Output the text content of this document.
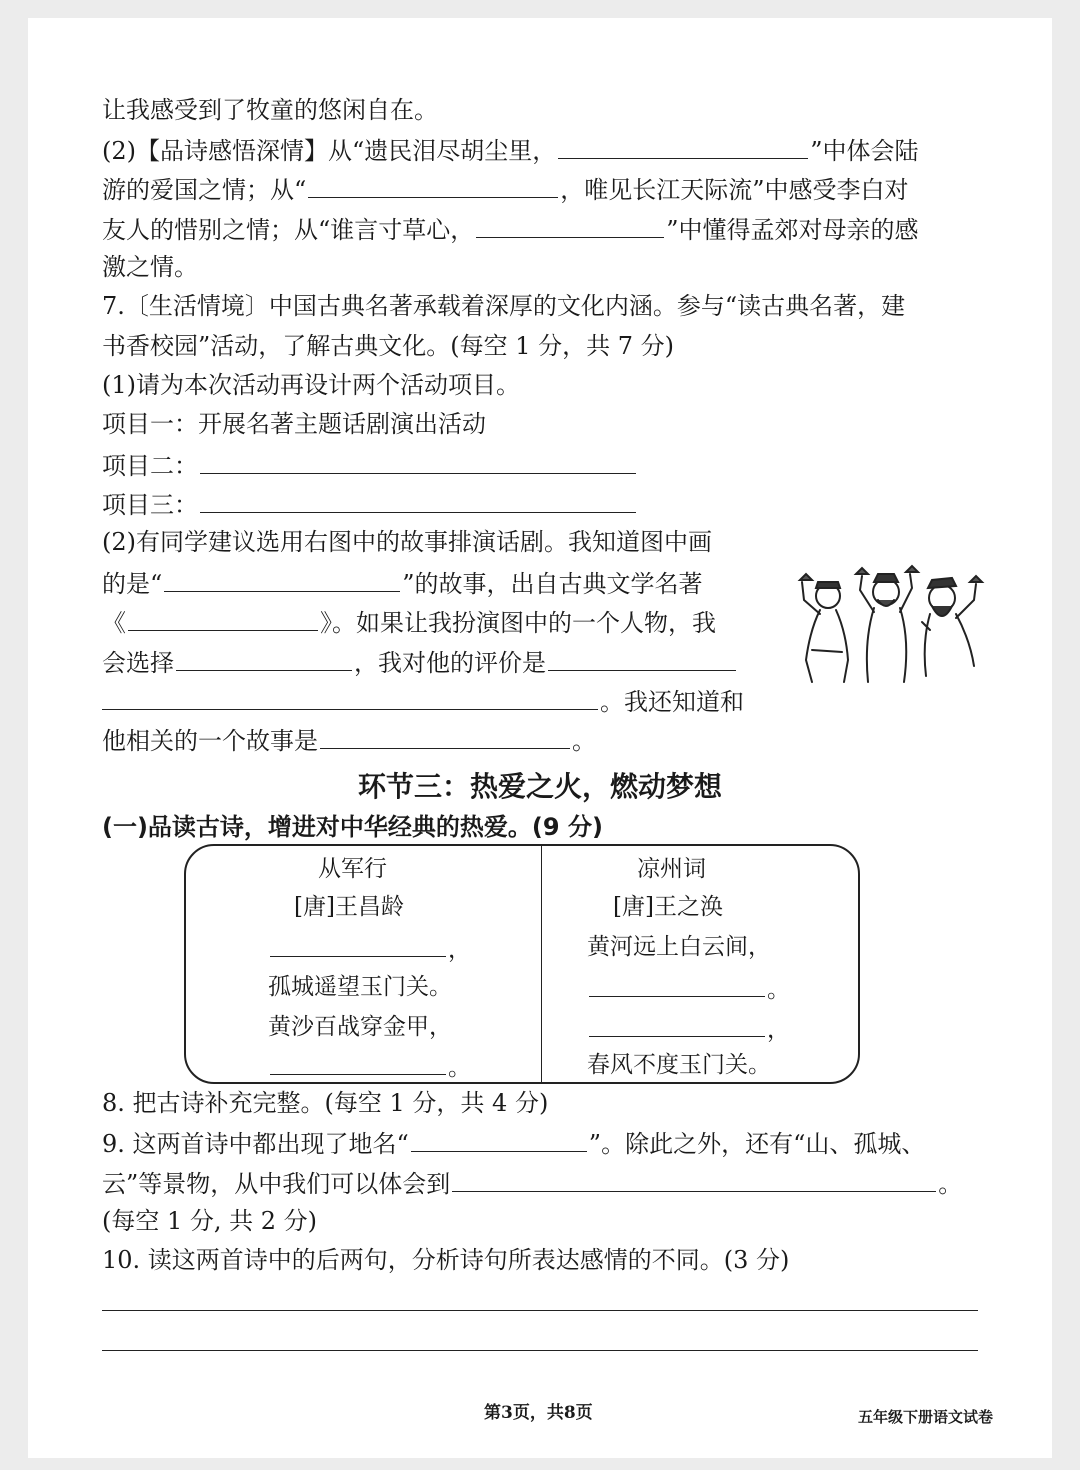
让我感受到了牧童的悠闲自在。
(2)【品诗感悟深情】从“遗民泪尽胡尘里，	”中体会陆
游的爱国之情；从“	，唯见长江天际流”中感受李白对
友人的惜别之情；从“谁言寸草心，	”中懂得孟郊对母亲的感
激之情。
7.〔生活情境〕中国古典名著承载着深厚的文化内涵。参与“读古典名著，建
书香校园”活动，了解古典文化。(每空 1 分，共 7 分)
(1)请为本次活动再设计两个活动项目。
项目一：开展名著主题话剧演出活动
项目二：
项目三：
(2)有同学建议选用右图中的故事排演话剧。我知道图中画
的是“	”的故事，出自古典文学名著
《	》。如果让我扮演图中的一个人物，我
会选择	，我对他的评价是
。我还知道和
他相关的一个故事是	。
环节三：热爱之火，燃动梦想
(一)品读古诗，增进对中华经典的热爱。(9 分)
从军行
[唐]王昌龄
，
孤城遥望玉门关。
黄沙百战穿金甲，
。
凉州词
[唐]王之涣
黄河远上白云间，
。
，
春风不度玉门关。
8. 把古诗补充完整。(每空 1 分，共 4 分)
9. 这两首诗中都出现了地名“	”。除此之外，还有“山、孤城、
云”等景物，从中我们可以体会到	。
(每空 1 分, 共 2 分)
10. 读这两首诗中的后两句，分析诗句所表达感情的不同。(3 分)
第3页，共8页	五年级下册语文试卷
